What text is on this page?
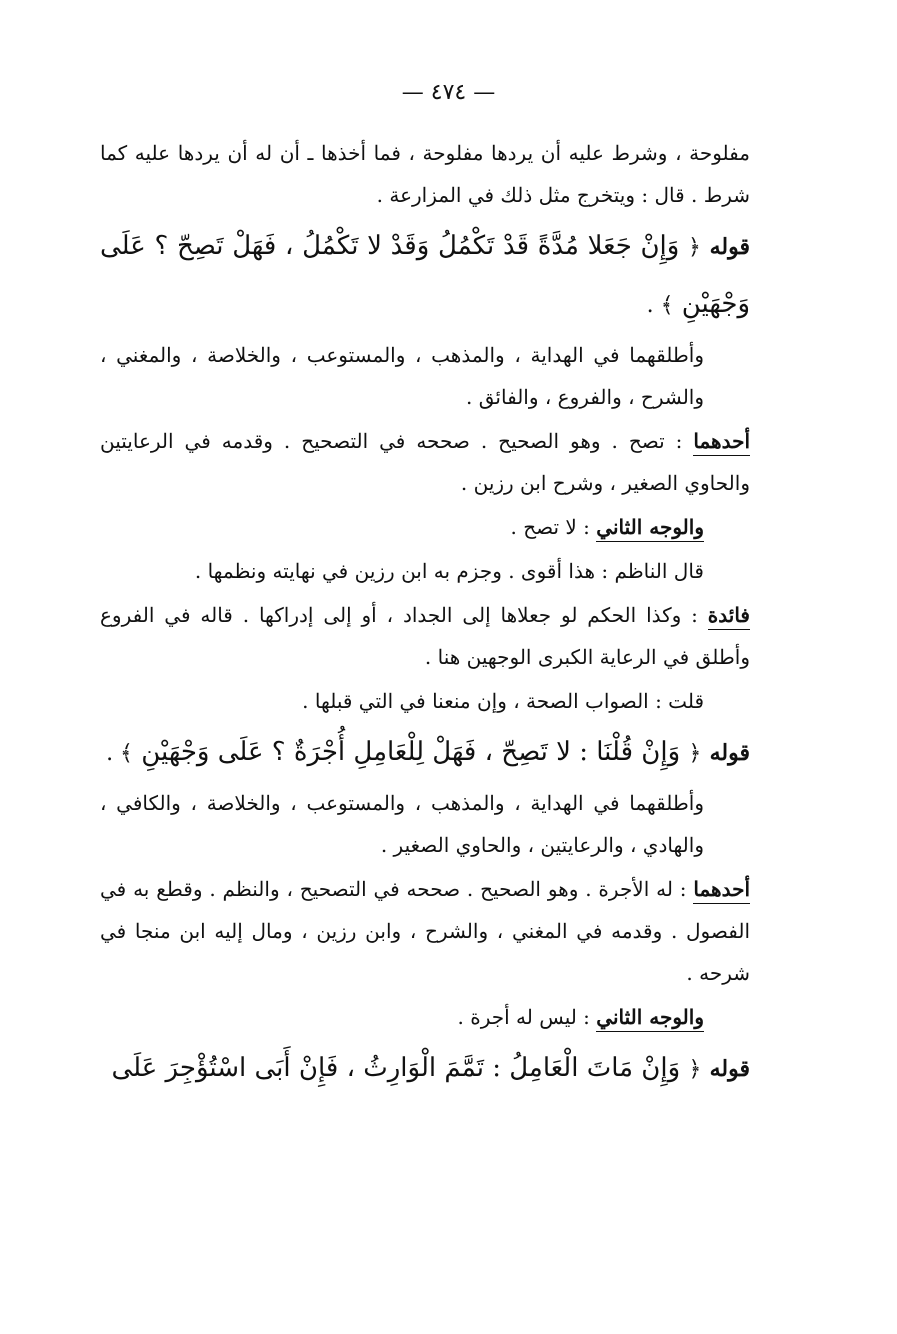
— ٤٧٤ —

مفلوحة ، وشرط عليه أن يردها مفلوحة ، فما أخذها ـ أن له أن يردها عليه كما شرط . قال : ويتخرج مثل ذلك في المزارعة .

قوله ﴿ وَإِنْ جَعَلا مُدَّةً قَدْ تَكْمُلُ وَقَدْ لا تَكْمُلُ ، فَهَلْ تَصِحّ ؟ عَلَى وَجْهَيْنِ ﴾ .

وأطلقهما في الهداية ، والمذهب ، والمستوعب ، والخلاصة ، والمغني ، والشرح ، والفروع ، والفائق .

أحدهما : تصح . وهو الصحيح . صححه في التصحيح . وقدمه في الرعايتين والحاوي الصغير ، وشرح ابن رزين .

والوجه الثاني : لا تصح .

قال الناظم : هذا أقوى . وجزم به ابن رزين في نهايته ونظمها .

فائدة : وكذا الحكم لو جعلاها إلى الجداد ، أو إلى إدراكها . قاله في الفروع وأطلق في الرعاية الكبرى الوجهين هنا .

قلت : الصواب الصحة ، وإن منعنا في التي قبلها .

قوله ﴿ وَإِنْ قُلْنَا : لا تَصِحّ ، فَهَلْ لِلْعَامِلِ أُجْرَةٌ ؟ عَلَى وَجْهَيْنِ ﴾ .

وأطلقهما في الهداية ، والمذهب ، والمستوعب ، والخلاصة ، والكافي ، والهادي ، والرعايتين ، والحاوي الصغير .

أحدهما : له الأجرة . وهو الصحيح . صححه في التصحيح ، والنظم . وقطع به في الفصول . وقدمه في المغني ، والشرح ، وابن رزين ، ومال إليه ابن منجا في شرحه .

والوجه الثاني : ليس له أجرة .

قوله ﴿ وَإِنْ مَاتَ الْعَامِلُ : تَمَّمَ الْوَارِثُ ، فَإِنْ أَبَى اسْتُؤْجِرَ عَلَى
